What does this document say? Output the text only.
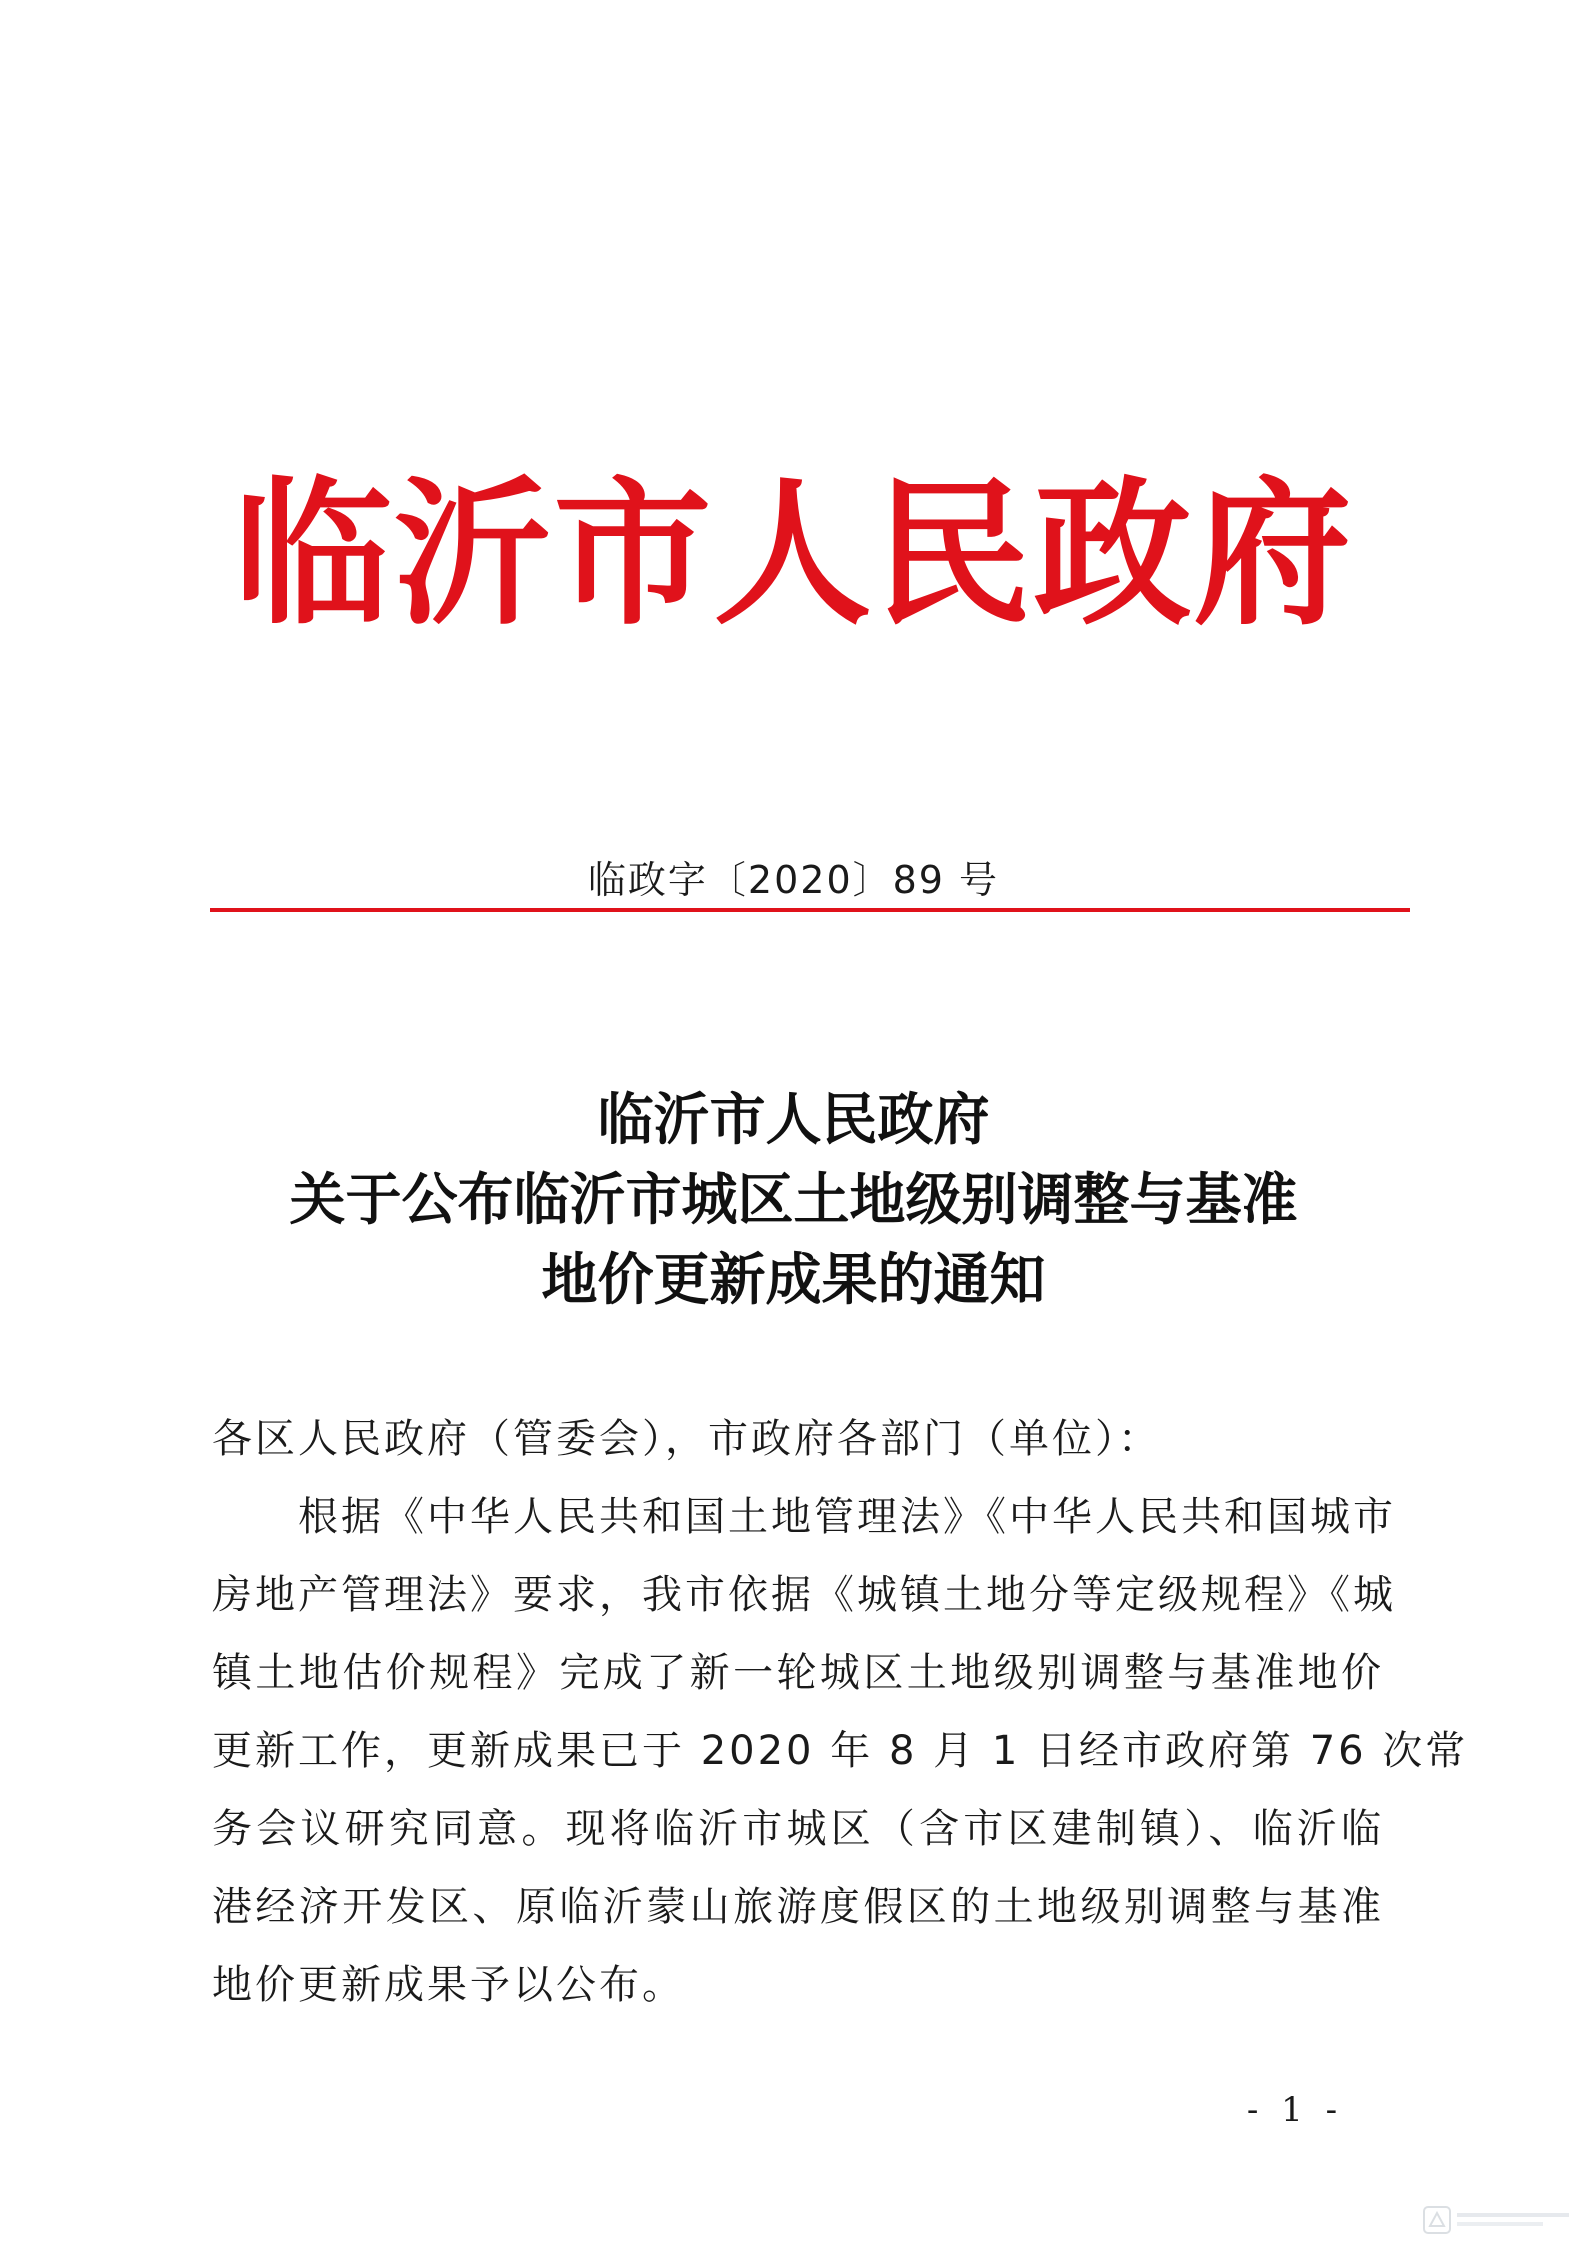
临沂市人民政府
临政字〔2020〕89 号
临沂市人民政府
关于公布临沂市城区土地级别调整与基准
地价更新成果的通知
各区人民政府（管委会），市政府各部门（单位）：
根据《中华人民共和国土地管理法》《中华人民共和国城市
房地产管理法》要求，我市依据《城镇土地分等定级规程》《城
镇土地估价规程》完成了新一轮城区土地级别调整与基准地价
更新工作，更新成果已于 2020 年 8 月 1 日经市政府第 76 次常
务会议研究同意。现将临沂市城区（含市区建制镇）、临沂临
港经济开发区、原临沂蒙山旅游度假区的土地级别调整与基准
地价更新成果予以公布。
- 1 -
